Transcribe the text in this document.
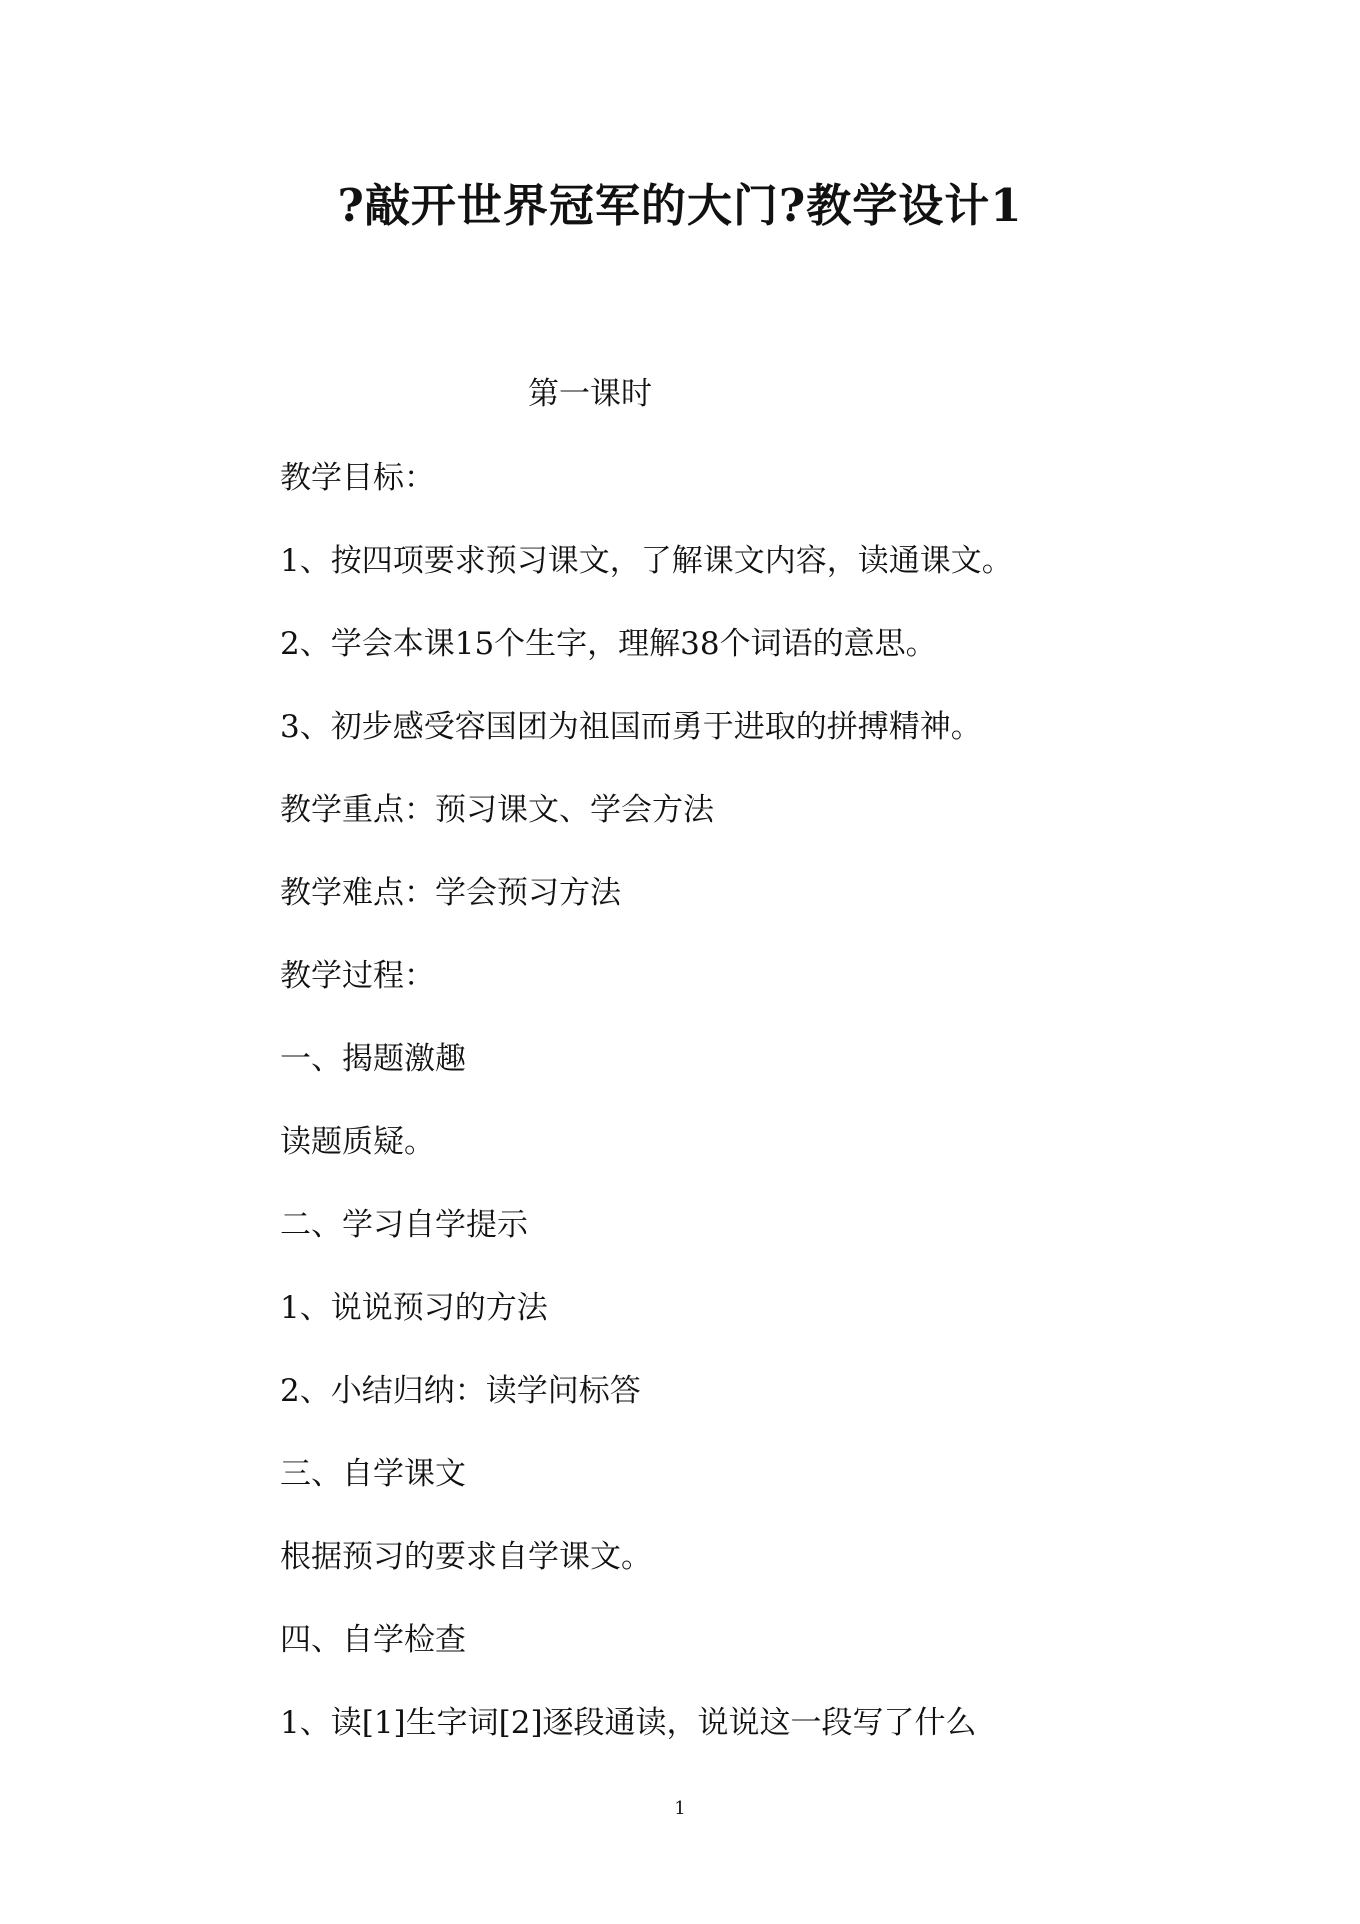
?敲开世界冠军的大门?教学设计1
第一课时
教学目标：
1、按四项要求预习课文，了解课文内容，读通课文。
2、学会本课15个生字，理解38个词语的意思。
3、初步感受容国团为祖国而勇于进取的拼搏精神。
教学重点：预习课文、学会方法
教学难点：学会预习方法
教学过程：
一、揭题激趣
读题质疑。
二、学习自学提示
1、说说预习的方法
2、小结归纳：读学问标答
三、自学课文
根据预习的要求自学课文。
四、自学检查
1、读[1]生字词[2]逐段通读，说说这一段写了什么
1
